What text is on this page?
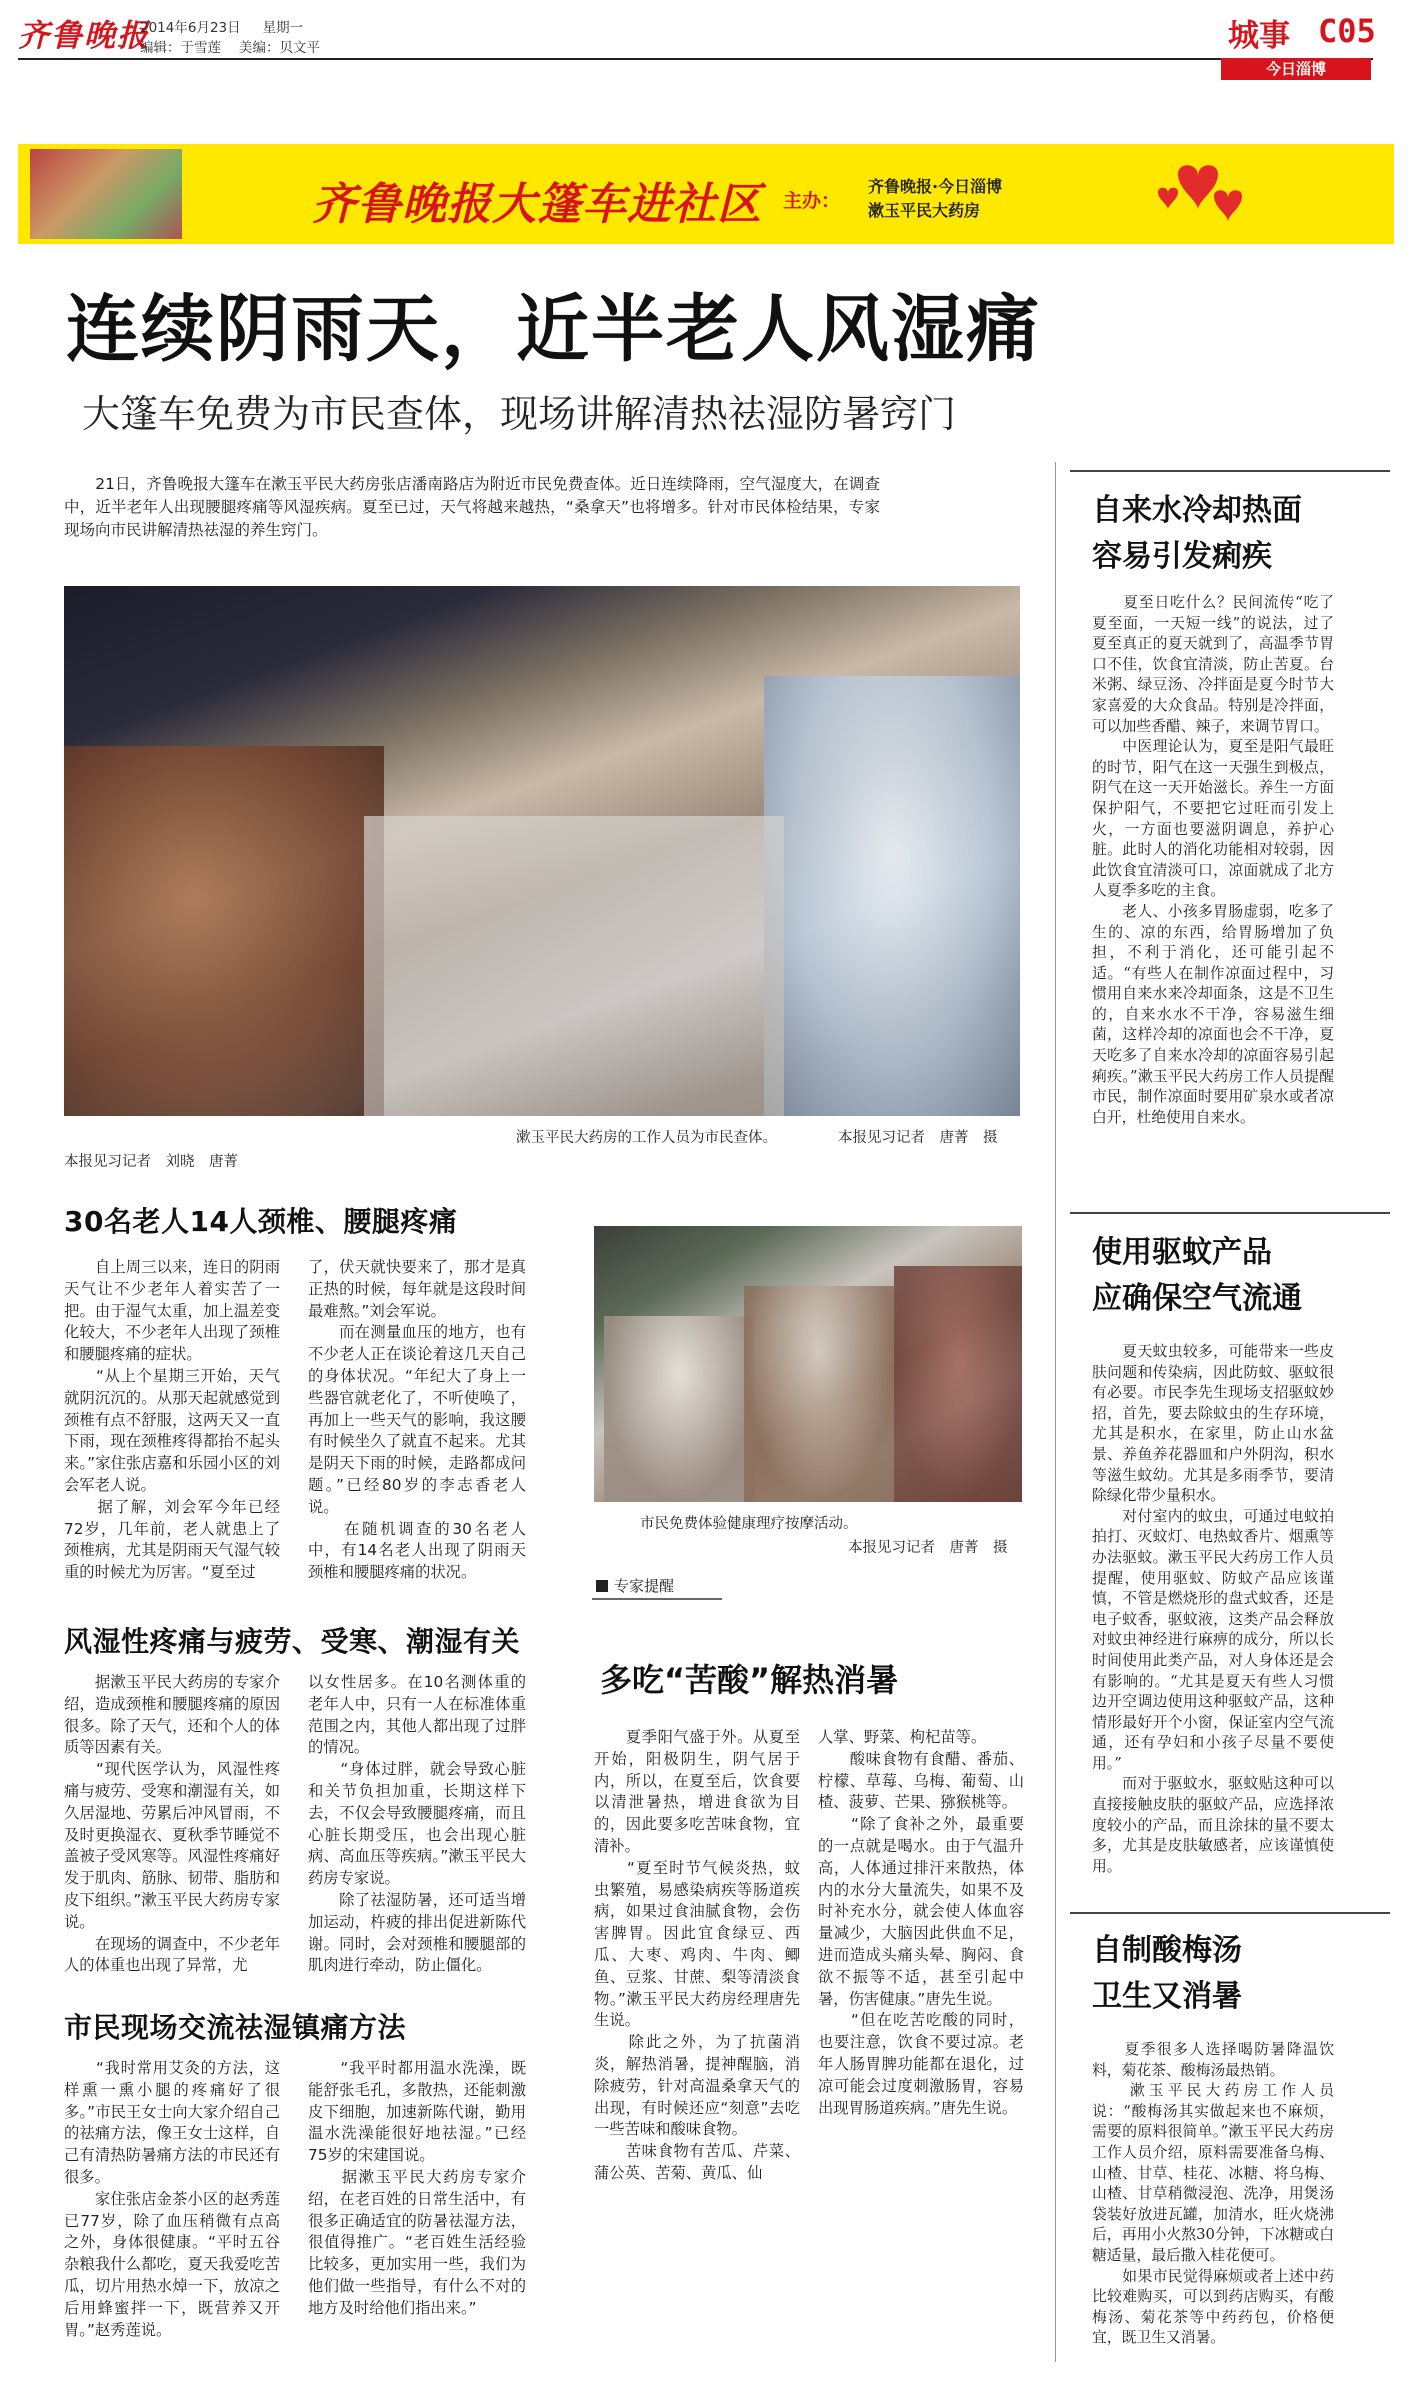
齐鲁晚报
2014年6月23日 星期一
编辑：于雪莲 美编：贝文平	城事 C05
今日淄博
齐鲁晚报大篷车进社区 主办：
齐鲁晚报·今日淄博
漱玉平民大药房
连续阴雨天，近半老人风湿痛
大篷车免费为市民查体，现场讲解清热祛湿防暑窍门
　　21日，齐鲁晚报大篷车在漱玉平民大药房张店潘南路店为附近市民免费查体。近日连续降雨，空气湿度大，在调查中，近半老年人出现腰腿疼痛等风湿疾病。夏至已过，天气将越来越热，“桑拿天”也将增多。针对市民体检结果，专家现场向市民讲解清热祛湿的养生窍门。
漱玉平民大药房的工作人员为市民查体。	本报见习记者　唐菁　摄
本报见习记者　刘晓　唐菁
30名老人14人颈椎、腰腿疼痛
　　自上周三以来，连日的阴雨天气让不少老年人着实苦了一把。由于湿气太重，加上温差变化较大，不少老年人出现了颈椎和腰腿疼痛的症状。
　　“从上个星期三开始，天气就阴沉沉的。从那天起就感觉到颈椎有点不舒服，这两天又一直下雨，现在颈椎疼得都抬不起头来。”家住张店嘉和乐园小区的刘会军老人说。
　　据了解，刘会军今年已经72岁，几年前，老人就患上了颈椎病，尤其是阴雨天气湿气较重的时候尤为厉害。“夏至过
了，伏天就快要来了，那才是真正热的时候，每年就是这段时间最难熬。”刘会军说。
　　而在测量血压的地方，也有不少老人正在谈论着这几天自己的身体状况。“年纪大了身上一些器官就老化了，不听使唤了，再加上一些天气的影响，我这腰有时候坐久了就直不起来。尤其是阴天下雨的时候，走路都成问题。”已经80岁的李志香老人说。
　　在随机调查的30名老人中，有14名老人出现了阴雨天颈椎和腰腿疼痛的状况。
市民免费体验健康理疗按摩活动。
本报见习记者　唐菁　摄
风湿性疼痛与疲劳、受寒、潮湿有关
　　据漱玉平民大药房的专家介绍，造成颈椎和腰腿疼痛的原因很多。除了天气，还和个人的体质等因素有关。
　　“现代医学认为，风湿性疼痛与疲劳、受寒和潮湿有关，如久居湿地、劳累后冲风冒雨，不及时更换湿衣、夏秋季节睡觉不盖被子受风寒等。风湿性疼痛好发于肌肉、筋脉、韧带、脂肪和皮下组织。”漱玉平民大药房专家说。
　　在现场的调查中，不少老年人的体重也出现了异常，尤
以女性居多。在10名测体重的老年人中，只有一人在标准体重范围之内，其他人都出现了过胖的情况。
　　“身体过胖，就会导致心脏和关节负担加重，长期这样下去，不仅会导致腰腿疼痛，而且心脏长期受压，也会出现心脏病、高血压等疾病。”漱玉平民大药房专家说。
　　除了祛湿防暑，还可适当增加运动，杵疲的排出促进新陈代谢。同时，会对颈椎和腰腿部的肌肉进行牵动，防止僵化。
市民现场交流祛湿镇痛方法
　　“我时常用艾灸的方法，这样熏一熏小腿的疼痛好了很多。”市民王女士向大家介绍自己的祛痛方法，像王女士这样，自己有清热防暑痛方法的市民还有很多。
　　家住张店金茶小区的赵秀莲已77岁，除了血压稍微有点高之外，身体很健康。“平时五谷杂粮我什么都吃，夏天我爱吃苦瓜，切片用热水焯一下，放凉之后用蜂蜜拌一下，既营养又开胃。”赵秀莲说。
　　“我平时都用温水洗澡，既能舒张毛孔，多散热，还能刺激皮下细胞，加速新陈代谢，勤用温水洗澡能很好地祛湿。”已经75岁的宋建国说。
　　据漱玉平民大药房专家介绍，在老百姓的日常生活中，有很多正确适宜的防暑祛湿方法，很值得推广。“老百姓生活经验比较多，更加实用一些，我们为他们做一些指导，有什么不对的地方及时给他们指出来。”
专家提醒
多吃“苦酸”解热消暑
　　夏季阳气盛于外。从夏至开始，阳极阴生，阴气居于内，所以，在夏至后，饮食要以清泄暑热，增进食欲为目的，因此要多吃苦味食物，宜清补。
　　“夏至时节气候炎热，蚊虫繁殖，易感染病疾等肠道疾病，如果过食油腻食物，会伤害脾胃。因此宜食绿豆、西瓜、大枣、鸡肉、牛肉、鲫鱼、豆浆、甘蔗、梨等清淡食物。”漱玉平民大药房经理唐先生说。
　　除此之外，为了抗菌消炎，解热消暑，提神醒脑，消除疲劳，针对高温桑拿天气的出现，有时候还应“刻意”去吃一些苦味和酸味食物。
　　苦味食物有苦瓜、芹菜、蒲公英、苦菊、黄瓜、仙
人掌、野菜、枸杞苗等。
　　酸味食物有食醋、番茄、柠檬、草莓、乌梅、葡萄、山楂、菠萝、芒果、猕猴桃等。
　　“除了食补之外，最重要的一点就是喝水。由于气温升高，人体通过排汗来散热，体内的水分大量流失，如果不及时补充水分，就会使人体血容量减少，大脑因此供血不足，进而造成头痛头晕、胸闷、食欲不振等不适，甚至引起中暑，伤害健康。”唐先生说。
　　“但在吃苦吃酸的同时，也要注意，饮食不要过凉。老年人肠胃脾功能都在退化，过凉可能会过度刺激肠胃，容易出现胃肠道疾病。”唐先生说。
自来水冷却热面
容易引发痢疾
　　夏至日吃什么？民间流传“吃了夏至面，一天短一线”的说法，过了夏至真正的夏天就到了，高温季节胃口不佳，饮食宜清淡，防止苦夏。台米粥、绿豆汤、冷拌面是夏今时节大家喜爱的大众食品。特别是冷拌面，可以加些香醋、辣子，来调节胃口。
　　中医理论认为，夏至是阳气最旺的时节，阳气在这一天强生到极点，阴气在这一天开始滋长。养生一方面保护阳气，不要把它过旺而引发上火，一方面也要滋阴调息，养护心脏。此时人的消化功能相对较弱，因此饮食宜清淡可口，凉面就成了北方人夏季多吃的主食。
　　老人、小孩多胃肠虚弱，吃多了生的、凉的东西，给胃肠增加了负担，不利于消化，还可能引起不适。“有些人在制作凉面过程中，习惯用自来水来冷却面条，这是不卫生的，自来水水不干净，容易滋生细菌，这样冷却的凉面也会不干净，夏天吃多了自来水冷却的凉面容易引起痢疾。”漱玉平民大药房工作人员提醒市民，制作凉面时要用矿泉水或者凉白开，杜绝使用自来水。
使用驱蚊产品
应确保空气流通
　　夏天蚊虫较多，可能带来一些皮肤问题和传染病，因此防蚊、驱蚊很有必要。市民李先生现场支招驱蚊妙招，首先，要去除蚊虫的生存环境，尤其是积水，在家里，防止山水盆景、养鱼养花器皿和户外阴沟，积水等滋生蚊幼。尤其是多雨季节，要清除绿化带少量积水。
　　对付室内的蚊虫，可通过电蚊拍拍打、灭蚊灯、电热蚊香片、烟熏等办法驱蚊。漱玉平民大药房工作人员提醒，使用驱蚊、防蚊产品应该谨慎，不管是燃烧形的盘式蚊香，还是电子蚊香，驱蚊液，这类产品会释放对蚊虫神经进行麻痹的成分，所以长时间使用此类产品，对人身体还是会有影响的。“尤其是夏天有些人习惯边开空调边使用这种驱蚊产品，这种情形最好开个小窗，保证室内空气流通，还有孕妇和小孩子尽量不要使用。”
　　而对于驱蚊水，驱蚊贴这种可以直接接触皮肤的驱蚊产品，应选择浓度较小的产品，而且涂抹的量不要太多，尤其是皮肤敏感者，应该谨慎使用。
自制酸梅汤
卫生又消暑
　　夏季很多人选择喝防暑降温饮料，菊花茶、酸梅汤最热销。
　　漱玉平民大药房工作人员说：“酸梅汤其实做起来也不麻烦，需要的原料很简单。”漱玉平民大药房工作人员介绍，原料需要准备乌梅、山楂、甘草、桂花、冰糖、将乌梅、山楂、甘草稍微浸泡、洗净，用煲汤袋装好放进瓦罐，加清水，旺火烧沸后，再用小火熬30分钟，下冰糖或白糖适量，最后撒入桂花便可。
　　如果市民觉得麻烦或者上述中药比较难购买，可以到药店购买，有酸梅汤、菊花茶等中药药包，价格便宜，既卫生又消暑。
